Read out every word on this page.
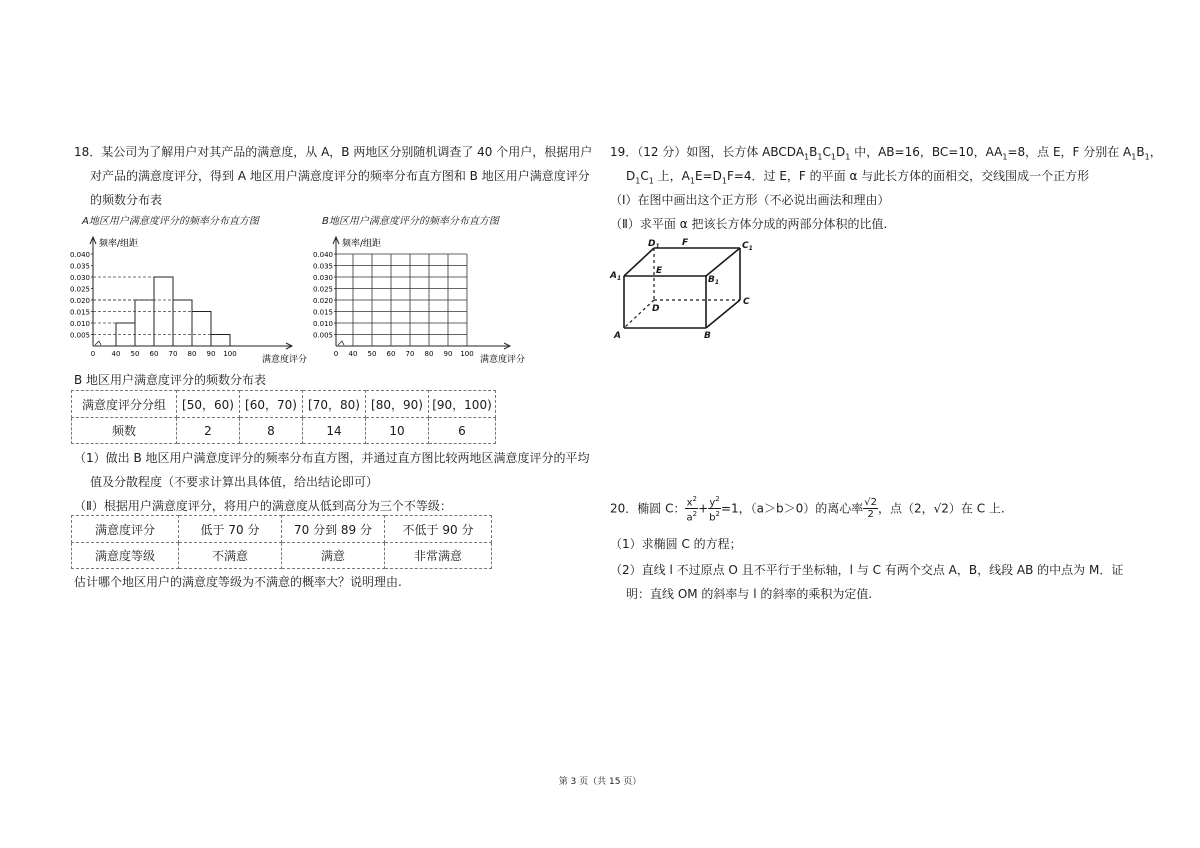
18．某公司为了解用户对其产品的满意度，从 A，B 两地区分别随机调查了 40 个用户，根据用户
对产品的满意度评分，得到 A 地区用户满意度评分的频率分布直方图和 B 地区用户满意度评分
的频数分布表
A地区用户满意度评分的频率分布直方图	B地区用户满意度评分的频率分布直方图
频率/组距
满意度评分
0.005
0.010
0.015
0.020
0.025
0.030
0.035
0.040
0 40 50 60 70 80 90 100
频率/组距
满意度评分
0.005
0.010
0.015
0.020
0.025
0.030
0.035
0.040
0 40 50 60 70 80 90 100
B 地区用户满意度评分的频数分布表
满意度评分分组	[50，60)	[60，70)	[70，80)	[80，90)	[90，100)
频数	2	8	14	10	6
（1）做出 B 地区用户满意度评分的频率分布直方图，并通过直方图比较两地区满意度评分的平均
值及分散程度（不要求计算出具体值，给出结论即可）
（Ⅱ）根据用户满意度评分，将用户的满意度从低到高分为三个不等级：
满意度评分	低于 70 分	70 分到 89 分	不低于 90 分
满意度等级	不满意	满意	非常满意
估计哪个地区用户的满意度等级为不满意的概率大？说明理由.
19．（12 分）如图，长方体 $ABCDA_1B_1C_1D_1$ 中，AB=16，BC=10，$AA_1=8$，点 E，F 分别在 $A_1B_1$，
$D_1C_1$ 上，$A_1E=D_1F=4$．过 E，F 的平面 α 与此长方体的面相交，交线围成一个正方形
（Ⅰ）在图中画出这个正方形（不必说出画法和理由）
（Ⅱ）求平面 α 把该长方体分成的两部分体积的比值.
$D_1$ F	$C_1$
$A_1$
E
$B_1$
D
C
A	B
20．椭圆 C： $\frac{x^2}{a^2} + \frac{y^2}{b^2} =1$，（a＞b＞0）的离心率 $\frac{√2}{2}$ ，点（2，√2）在 C 上.
（1）求椭圆 C 的方程；
（2）直线 l 不过原点 O 且不平行于坐标轴，l 与 C 有两个交点 A，B，线段 AB 的中点为 M．证
明：直线 OM 的斜率与 l 的斜率的乘积为定值.
第 3 页（共 15 页）
